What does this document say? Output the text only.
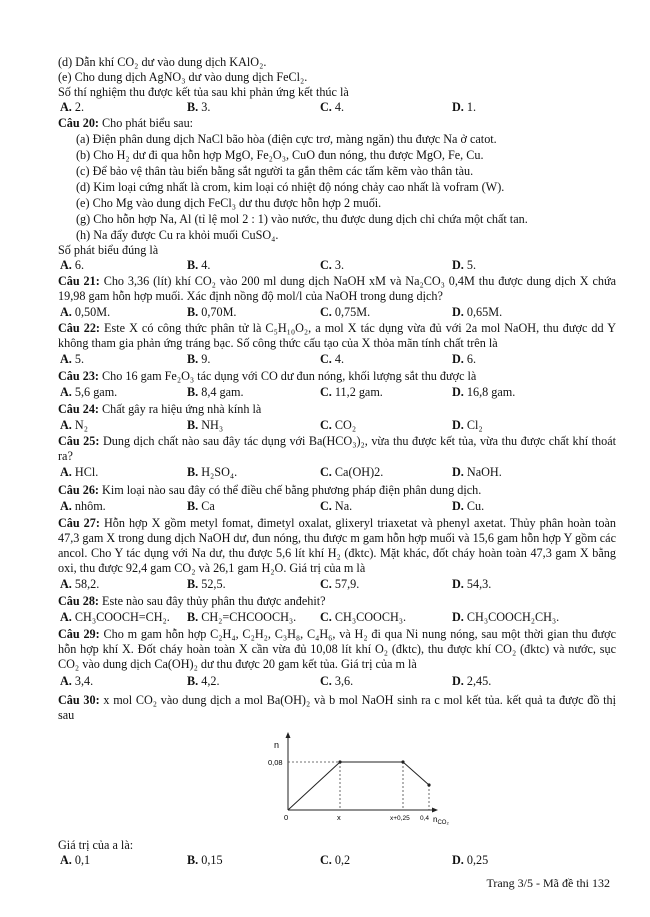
(d) Dẫn khí CO₂ dư vào dung dịch KAlO₂.
(e) Cho dung dịch AgNO₃ dư vào dung dịch FeCl₂.
Số thí nghiệm thu được kết tủa sau khi phản ứng kết thúc là
A. 2.	B. 3.	C. 4.	D. 1.
Câu 20: Cho phát biểu sau:
(a) Điện phân dung dịch NaCl bão hòa (điện cực trơ, màng ngăn) thu được Na ở catot.
(b) Cho H₂ dư đi qua hỗn hợp MgO, Fe₂O₃, CuO đun nóng, thu được MgO, Fe, Cu.
(c) Để bảo vệ thân tàu biển bằng sắt người ta gắn thêm các tấm kẽm vào thân tàu.
(d) Kim loại cứng nhất là crom, kim loại có nhiệt độ nóng chảy cao nhất là vofram (W).
(e) Cho Mg vào dung dịch FeCl₃ dư thu được hỗn hợp 2 muối.
(g) Cho hỗn hợp Na, Al (tỉ lệ mol 2 : 1) vào nước, thu được dung dịch chỉ chứa một chất tan.
(h) Na đẩy được Cu ra khỏi muối CuSO₄.
Số phát biểu đúng là
A. 6.	B. 4.	C. 3.	D. 5.
Câu 21: Cho 3,36 (lít) khí CO₂ vào 200 ml dung dịch NaOH xM và Na₂CO₃ 0,4M thu được dung dịch X chứa 19,98 gam hỗn hợp muối. Xác định nồng độ mol/l của NaOH trong dung dịch?
A. 0,50M.	B. 0,70M.	C. 0,75M.	D. 0,65M.
Câu 22: Este X có công thức phân tử là C₅H₁₀O₂, a mol X tác dụng vừa đủ với 2a mol NaOH, thu được dd Y không tham gia phản ứng tráng bạc. Số công thức cấu tạo của X thỏa mãn tính chất trên là
A. 5.	B. 9.	C. 4.	D. 6.
Câu 23: Cho 16 gam Fe₂O₃ tác dụng với CO dư đun nóng, khối lượng sắt thu được là
A. 5,6 gam.	B. 8,4 gam.	C. 11,2 gam.	D. 16,8 gam.
Câu 24: Chất gây ra hiệu ứng nhà kính là
A. N₂	B. NH₃	C. CO₂	D. Cl₂
Câu 25: Dung dịch chất nào sau đây tác dụng với Ba(HCO₃)₂, vừa thu được kết tủa, vừa thu được chất khí thoát ra?
A. HCl.	B. H₂SO₄.	C. Ca(OH)2.	D. NaOH.
Câu 26: Kim loại nào sau đây có thể điều chế bằng phương pháp điện phân dung dịch.
A. nhôm.	B. Ca	C. Na.	D. Cu.
Câu 27: Hỗn hợp X gồm metyl fomat, đimetyl oxalat, glixeryl triaxetat và phenyl axetat. Thủy phân hoàn toàn 47,3 gam X trong dung dịch NaOH dư, đun nóng, thu được m gam hỗn hợp muối và 15,6 gam hỗn hợp Y gồm các ancol. Cho Y tác dụng với Na dư, thu được 5,6 lít khí H₂ (đktc). Mặt khác, đốt cháy hoàn toàn 47,3 gam X bằng oxi, thu được 92,4 gam CO₂ và 26,1 gam H₂O. Giá trị của m là
A. 58,2.	B. 52,5.	C. 57,9.	D. 54,3.
Câu 28: Este nào sau đây thủy phân thu được anđehit?
A. CH₃COOCH=CH₂. B. CH₂=CHCOOCH₃. C. CH₃COOCH₃.	D. CH₃COOCH₂CH₃.
Câu 29: Cho m gam hỗn hợp C₂H₄, C₂H₂, C₃H₈, C₄H₆, và H₂ đi qua Ni nung nóng, sau một thời gian thu được hỗn hợp khí X. Đốt cháy hoàn toàn X cần vừa đủ 10,08 lít khí O₂ (đktc), thu được khí CO₂ (đktc) và nước, sục CO₂ vào dung dịch Ca(OH)₂ dư thu được 20 gam kết tủa. Giá trị của m là
A. 3,4.	B. 4,2.	C. 3,6.	D. 2,45.
Câu 30: x mol CO₂ vào dung dịch a mol Ba(OH)₂ và b mol NaOH sinh ra c mol kết tủa. kết quả ta được đồ thị sau
n
0,08
0	x	x+0,25 0,4 $n_{CO_2}$
Giá trị của a là:
A. 0,1	B. 0,15	C. 0,2	D. 0,25
Trang 3/5 - Mã đề thi 132
